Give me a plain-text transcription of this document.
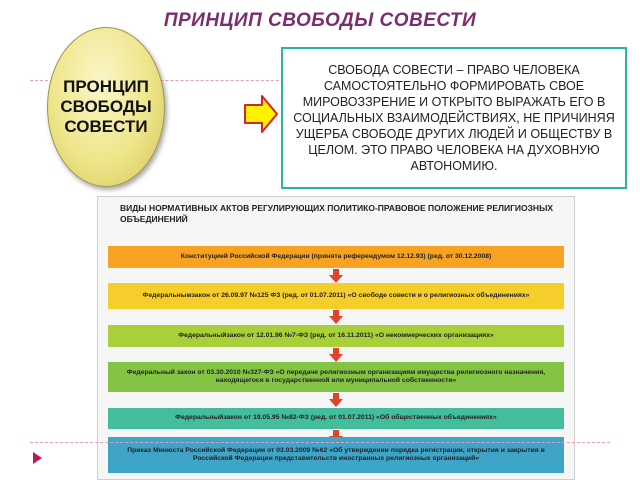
ПРИНЦИП СВОБОДЫ СОВЕСТИ
ПРОНЦИП СВОБОДЫ СОВЕСТИ
СВОБОДА СОВЕСТИ – ПРАВО ЧЕЛОВЕКА САМОСТОЯТЕЛЬНО ФОРМИРОВАТЬ СВОЕ МИРОВОЗЗРЕНИЕ И ОТКРЫТО ВЫРАЖАТЬ ЕГО В СОЦИАЛЬНЫХ ВЗАИМОДЕЙСТВИЯХ, НЕ ПРИЧИНЯЯ УЩЕРБА СВОБОДЕ ДРУГИХ ЛЮДЕЙ И ОБЩЕСТВУ В ЦЕЛОМ. ЭТО ПРАВО ЧЕЛОВЕКА НА ДУХОВНУЮ АВТОНОМИЮ.
ВИДЫ НОРМАТИВНЫХ АКТОВ РЕГУЛИРУЮЩИХ ПОЛИТИКО-ПРАВОВОЕ ПОЛОЖЕНИЕ РЕЛИГИОЗНЫХ ОБЪЕДИНЕНИЙ
Конституцией Российской Федерации (принята референдумом 12.12.93) (ред. от 30.12.2008)
Федеральнымзакон от 26.09.97 №125 ФЗ (ред. от 01.07.2011) «О свободе совести и о религиозных объединениях»
Федеральныйзакон от 12.01.96 №7-ФЗ (ред. от 16.11.2011) «О некоммерческих организациях»
Федеральный закон от 03.30.2010 №327-ФЗ «О передаче религиозным организациям имущества религиозного назначения, находящегося в государственной или муниципальной собственности»
Федеральныйзакон от 19.05.95 №82-ФЗ (ред. от 01.07.2011) «Об общественных объединениях»
Приказ Минюста Российской Федерации от 03.03.2009 №62 «Об утверждении порядка регистрации, открытия и закрытия в Российской Федерации представительств иностранных религиозных организаций»
